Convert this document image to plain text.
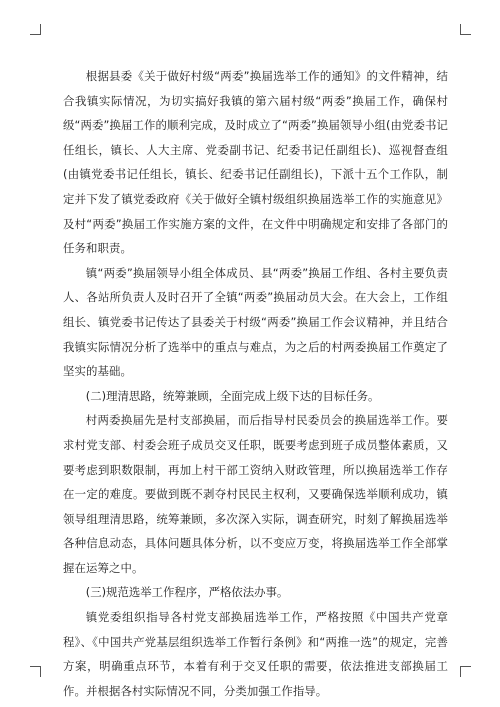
根据县委《关于做好村级“两委”换届选举工作的通知》的文件精神，结合我镇实际情况，为切实搞好我镇的第六届村级“两委”换届工作，确保村级“两委”换届工作的顺利完成，及时成立了“两委”换届领导小组(由党委书记任组长，镇长、人大主席、党委副书记、纪委书记任副组长)、巡视督查组(由镇党委书记任组长，镇长、纪委书记任副组长)，下派十五个工作队，制定并下发了镇党委政府《关于做好全镇村级组织换届选举工作的实施意见》及村“两委”换届工作实施方案的文件，在文件中明确规定和安排了各部门的任务和职责。

镇“两委”换届领导小组全体成员、县“两委”换届工作组、各村主要负责人、各站所负责人及时召开了全镇“两委”换届动员大会。在大会上，工作组组长、镇党委书记传达了县委关于村级“两委”换届工作会议精神，并且结合我镇实际情况分析了选举中的重点与难点，为之后的村两委换届工作奠定了坚实的基础。

(二)理清思路，统筹兼顾，全面完成上级下达的目标任务。

村两委换届先是村支部换届，而后指导村民委员会的换届选举工作。要求村党支部、村委会班子成员交叉任职，既要考虑到班子成员整体素质，又要考虑到职数限制，再加上村干部工资纳入财政管理，所以换届选举工作存在一定的难度。要做到既不剥夺村民民主权利，又要确保选举顺利成功，镇领导组理清思路，统筹兼顾，多次深入实际，调查研究，时刻了解换届选举各种信息动态，具体问题具体分析，以不变应万变，将换届选举工作全部掌握在运筹之中。

(三)规范选举工作程序，严格依法办事。

镇党委组织指导各村党支部换届选举工作，严格按照《中国共产党章程》、《中国共产党基层组织选举工作暂行条例》和“两推一选”的规定，完善方案，明确重点环节，本着有利于交叉任职的需要，依法推进支部换届工作。并根据各村实际情况不同，分类加强工作指导。
